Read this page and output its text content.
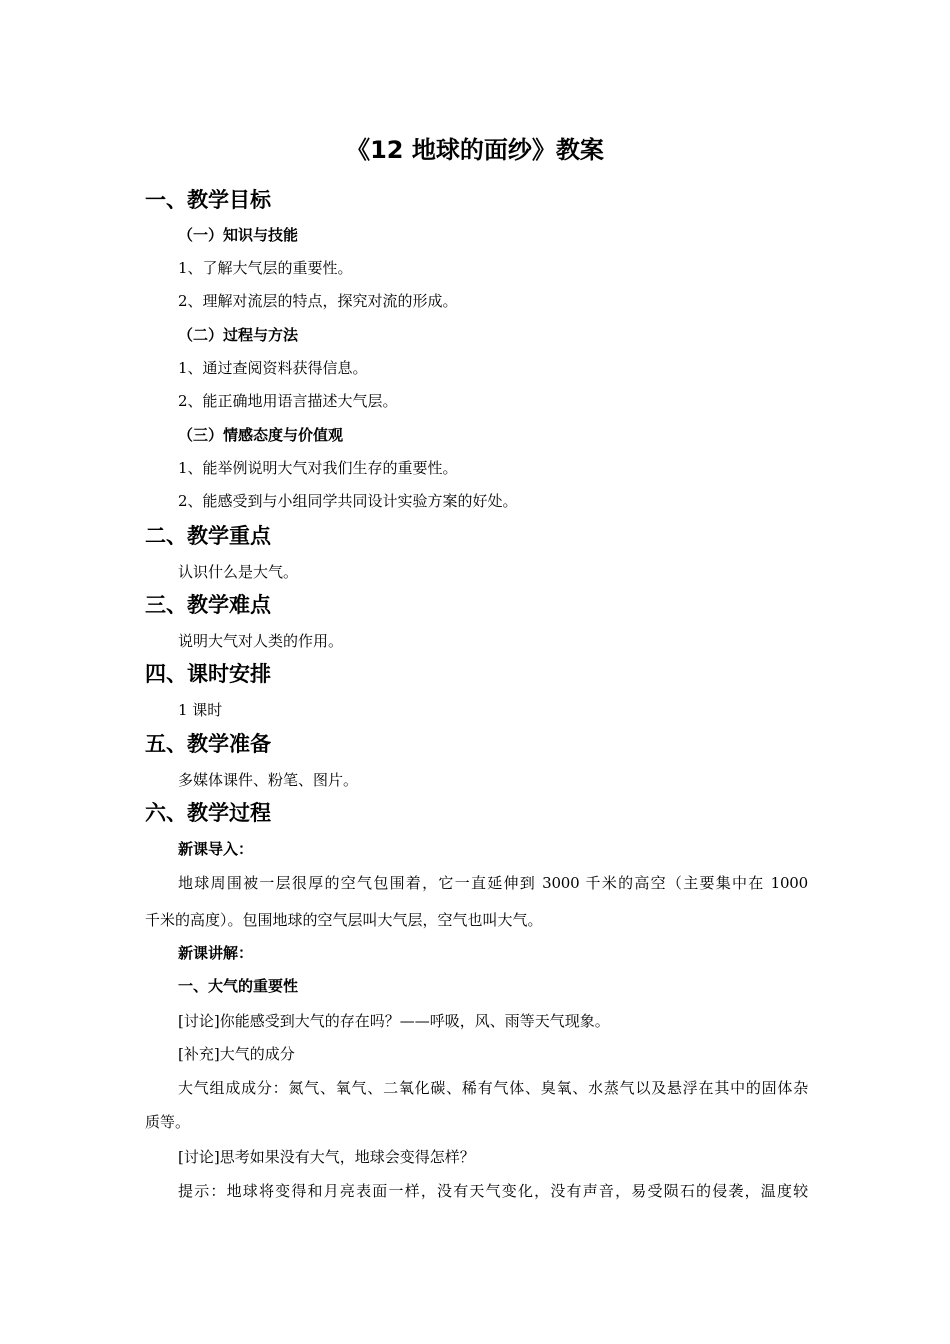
《12 地球的面纱》教案
一、教学目标
（一）知识与技能
1、了解大气层的重要性。
2、理解对流层的特点，探究对流的形成。
（二）过程与方法
1、通过查阅资料获得信息。
2、能正确地用语言描述大气层。
（三）情感态度与价值观
1、能举例说明大气对我们生存的重要性。
2、能感受到与小组同学共同设计实验方案的好处。
二、教学重点
认识什么是大气。
三、教学难点
说明大气对人类的作用。
四、课时安排
1 课时
五、教学准备
多媒体课件、粉笔、图片。
六、教学过程
新课导入：
地球周围被一层很厚的空气包围着，它一直延伸到 3000 千米的高空（主要集中在 1000
千米的高度）。包围地球的空气层叫大气层，空气也叫大气。
新课讲解：
一、大气的重要性
[讨论]你能感受到大气的存在吗？——呼吸，风、雨等天气现象。
[补充]大气的成分
大气组成成分：氮气、氧气、二氧化碳、稀有气体、臭氧、水蒸气以及悬浮在其中的固体杂
质等。
[讨论]思考如果没有大气，地球会变得怎样？
提示：地球将变得和月亮表面一样，没有天气变化，没有声音，易受陨石的侵袭，温度较
